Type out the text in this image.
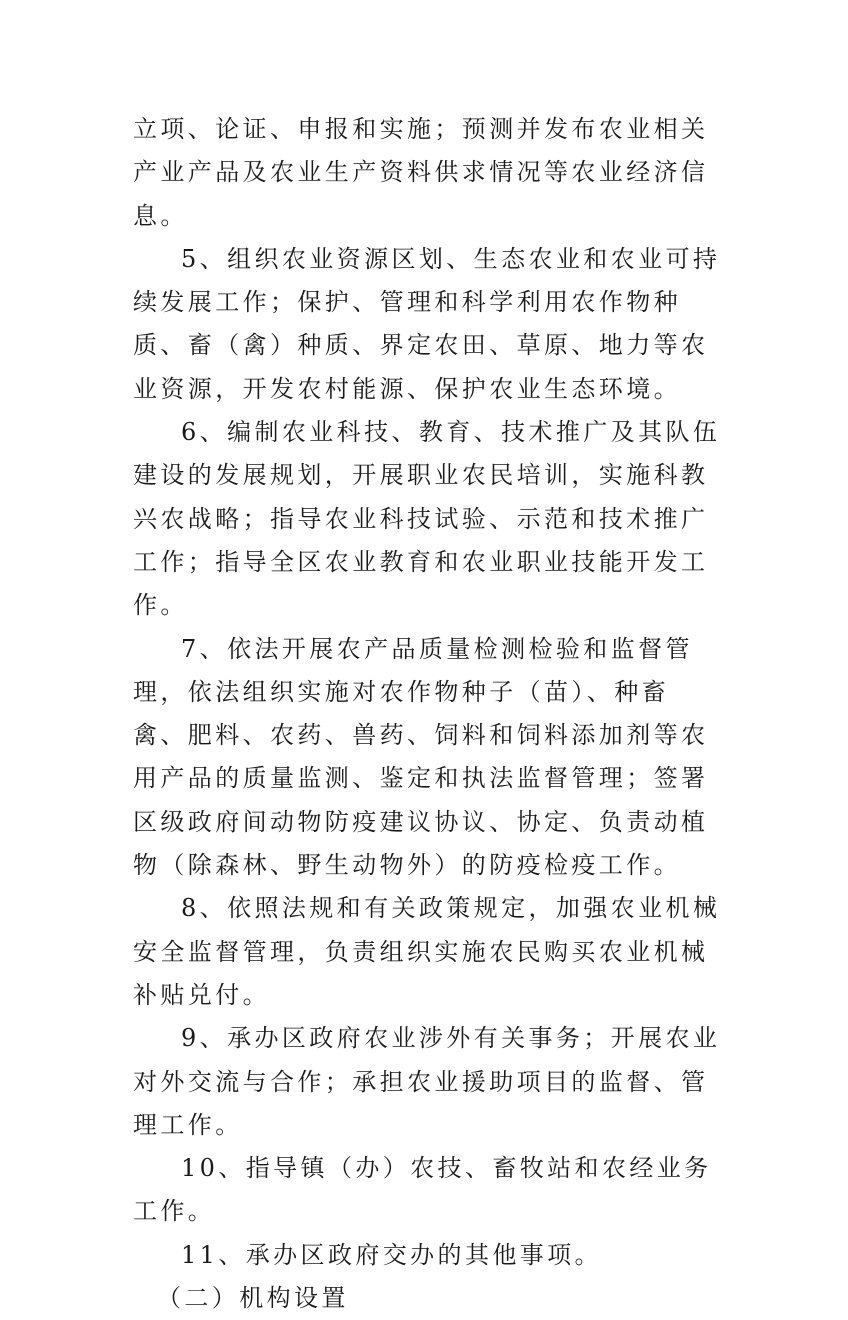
立项、论证、申报和实施；预测并发布农业相关产业产品及农业生产资料供求情况等农业经济信息。

5、组织农业资源区划、生态农业和农业可持续发展工作；保护、管理和科学利用农作物种质、畜（禽）种质、界定农田、草原、地力等农业资源，开发农村能源、保护农业生态环境。

6、编制农业科技、教育、技术推广及其队伍建设的发展规划，开展职业农民培训，实施科教兴农战略；指导农业科技试验、示范和技术推广工作；指导全区农业教育和农业职业技能开发工作。

7、依法开展农产品质量检测检验和监督管理，依法组织实施对农作物种子（苗）、种畜禽、肥料、农药、兽药、饲料和饲料添加剂等农用产品的质量监测、鉴定和执法监督管理；签署区级政府间动物防疫建议协议、协定、负责动植物（除森林、野生动物外）的防疫检疫工作。

8、依照法规和有关政策规定，加强农业机械安全监督管理，负责组织实施农民购买农业机械补贴兑付。

9、承办区政府农业涉外有关事务；开展农业对外交流与合作；承担农业援助项目的监督、管理工作。

10、指导镇（办）农技、畜牧站和农经业务工作。

11、承办区政府交办的其他事项。

（二）机构设置
